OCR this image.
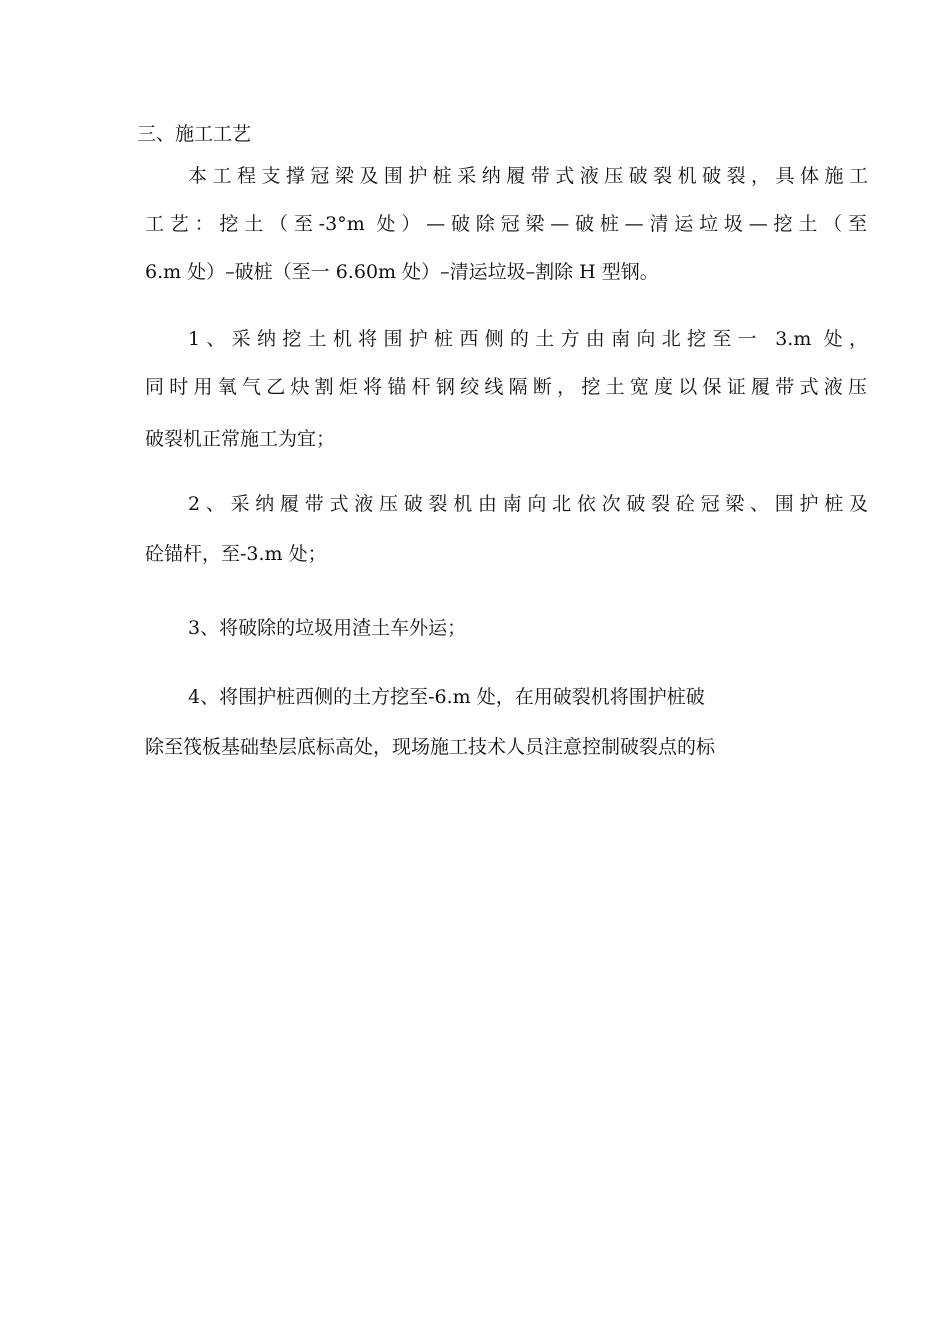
三、施工工艺
本工程支撑冠梁及围护桩采纳履带式液压破裂机破裂，具体施工
工艺：挖土（至-3°m 处）—破除冠梁—破桩—清运垃圾—挖土（至
6.m 处）–破桩（至一 6.60m 处）–清运垃圾–割除 H 型钢。
1、采纳挖土机将围护桩西侧的土方由南向北挖至一 3.m 处，
同时用氧气乙炔割炬将锚杆钢绞线隔断，挖土宽度以保证履带式液压
破裂机正常施工为宜；
2、采纳履带式液压破裂机由南向北依次破裂砼冠梁、围护桩及
砼锚杆，至-3.m 处；
3、将破除的垃圾用渣土车外运；
4、将围护桩西侧的土方挖至-6.m 处，在用破裂机将围护桩破
除至筏板基础垫层底标高处，现场施工技术人员注意控制破裂点的标
